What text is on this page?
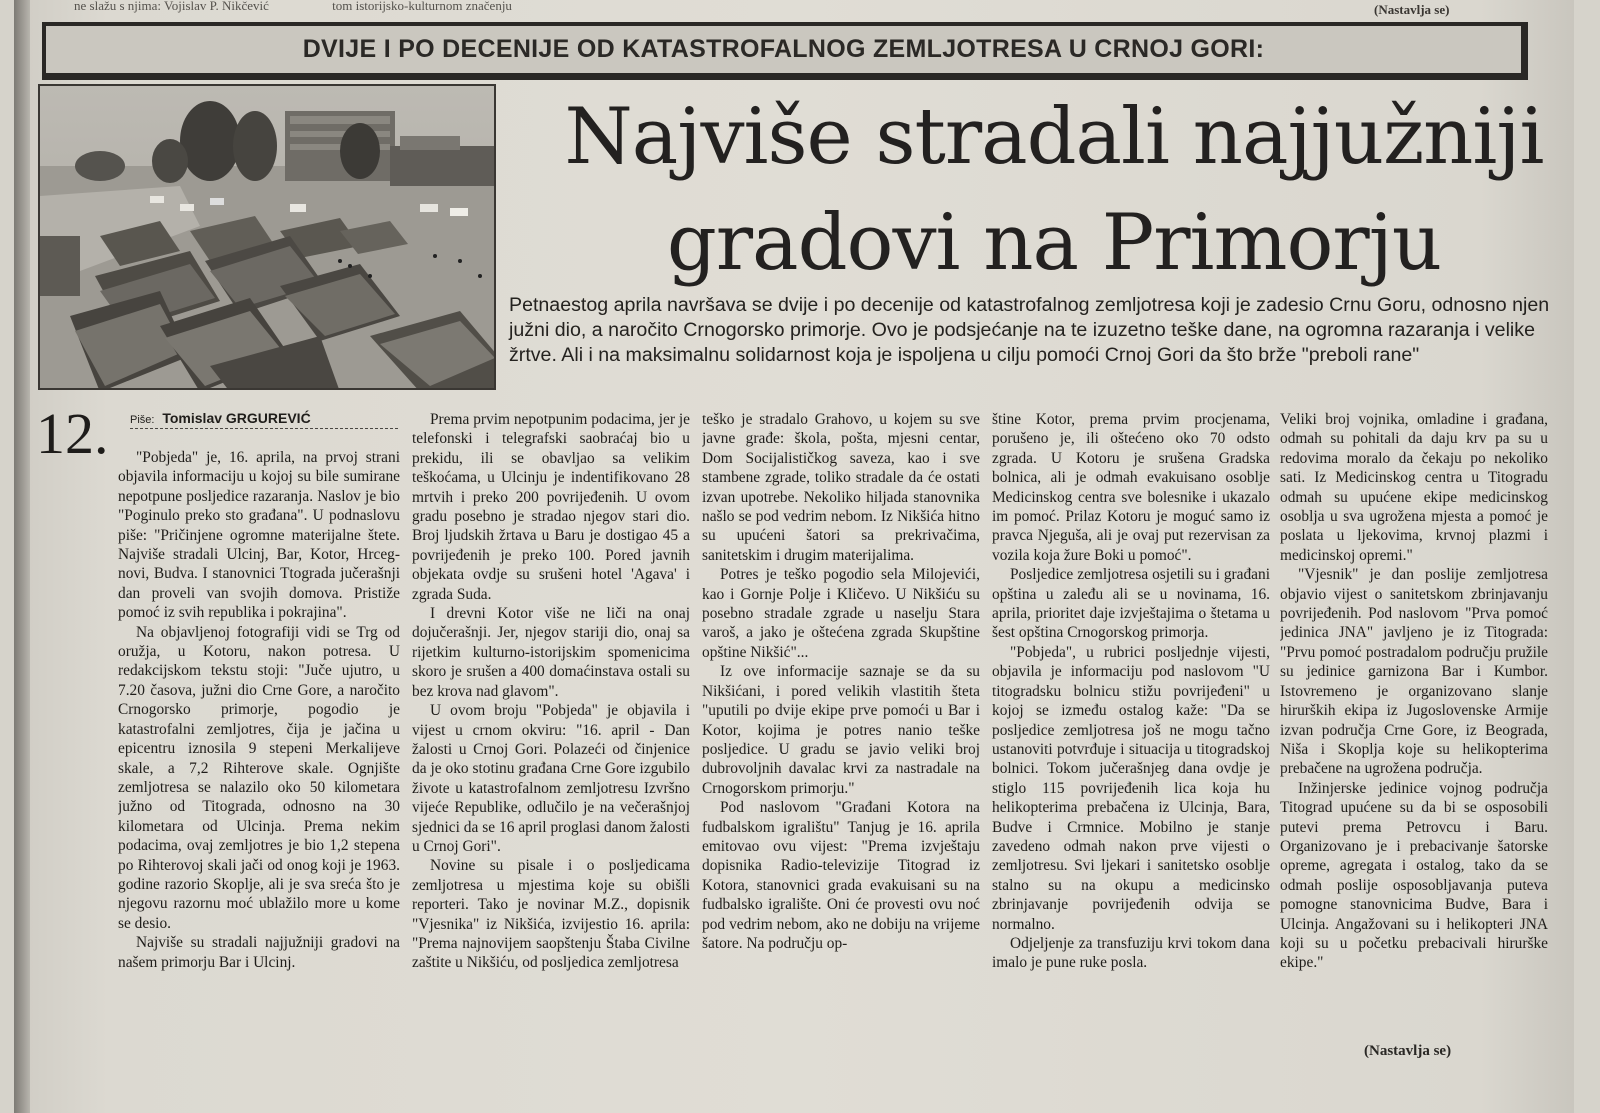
ne slažu s njima: Vojislav P. Nikčević	tom istorijsko-kulturnom značenju	(Nastavlja se)
DVIJE I PO DECENIJE OD KATASTROFALNOG ZEMLJOTRESA U CRNOJ GORI:
Najviše stradali najjužniji
gradovi na Primorju

Petnaestog aprila navršava se dvije i po decenije od katastrofalnog zemljotresa koji je zadesio Crnu Goru, odnosno njen južni dio, a naročito Crnogorsko primorje. Ovo je podsjećanje na te izuzetno teške dane, na ogromna razaranja i velike žrtve. Ali i na maksimalnu solidarnost koja je ispoljena u cilju pomoći Crnoj Gori da što brže "preboli rane"

12. Piše: Tomislav GRGUREVIĆ

"Pobjeda" je, 16. aprila, na prvoj strani objavila informaciju u kojoj su bile sumirane nepotpune posljedice razaranja. Naslov je bio "Poginulo preko sto građana". U podnaslovu piše: "Pričinjene ogromne materijalne štete. Najviše stradali Ulcinj, Bar, Kotor, Hrceg-novi, Budva. I stanovnici Ttograda jučerašnji dan proveli van svojih domova. Pristiže pomoć iz svih republika i pokrajina".

Na objavljenoj fotografiji vidi se Trg od oružja, u Kotoru, nakon potresa. U redakcijskom tekstu stoji: "Juče ujutro, u 7.20 časova, južni dio Crne Gore, a naročito Crnogorsko primorje, pogodio je katastrofalni zemljotres, čija je jačina u epicentru iznosila 9 stepeni Merkalijeve skale, a 7,2 Rihterove skale. Ognjište zemljotresa se nalazilo oko 50 kilometara južno od Titograda, odnosno na 30 kilometara od Ulcinja. Prema nekim podacima, ovaj zemljotres je bio 1,2 stepena po Rihterovoj skali jači od onog koji je 1963. godine razorio Skoplje, ali je sva sreća što je njegovu razornu moć ublažilo more u kome se desio.

Najviše su stradali najjužniji gradovi na našem primorju Bar i Ulcinj.

Prema prvim nepotpunim podacima, jer je telefonski i telegrafski saobraćaj bio u prekidu, ili se obavljao sa velikim teškoćama, u Ulcinju je indentifikovano 28 mrtvih i preko 200 povrijeđenih. U ovom gradu posebno je stradao njegov stari dio. Broj ljudskih žrtava u Baru je dostigao 45 a povrijeđenih je preko 100. Pored javnih objekata ovdje su srušeni hotel 'Agava' i zgrada Suda.

I drevni Kotor više ne liči na onaj dojučerašnji. Jer, njegov stariji dio, onaj sa rijetkim kulturno-istorijskim spomenicima skoro je srušen a 400 domaćinstava ostali su bez krova nad glavom".

U ovom broju "Pobjeda" je objavila i vijest u crnom okviru: "16. april - Dan žalosti u Crnoj Gori. Polazeći od činjenice da je oko stotinu građana Crne Gore izgubilo živote u katastrofalnom zemljotresu Izvršno vijeće Republike, odlučilo je na večerašnjoj sjednici da se 16 april proglasi danom žalosti u Crnoj Gori".

Novine su pisale i o posljedicama zemljotresa u mjestima koje su obišli reporteri. Tako je novinar M.Z., dopisnik "Vjesnika" iz Nikšića, izvijestio 16. aprila: "Prema najnovijem saopštenju Štaba Civilne zaštite u Nikšiću, od posljedica zemljotresa

teško je stradalo Grahovo, u kojem su sve javne građe: škola, pošta, mjesni centar, Dom Socijalističkog saveza, kao i sve stambene zgrade, toliko stradale da će ostati izvan upotrebe. Nekoliko hiljada stanovnika našlo se pod vedrim nebom. Iz Nikšića hitno su upućeni šatori sa prekrivačima, sanitetskim i drugim materijalima.

Potres je teško pogodio sela Milojevići, kao i Gornje Polje i Kličevo. U Nikšiću su posebno stradale zgrade u naselju Stara varoš, a jako je oštećena zgrada Skupštine opštine Nikšić"...

Iz ove informacije saznaje se da su Nikšićani, i pored velikih vlastitih šteta "uputili po dvije ekipe prve pomoći u Bar i Kotor, kojima je potres nanio teške posljedice. U gradu se javio veliki broj dubrovoljnih davalac krvi za nastradale na Crnogorskom primorju."

Pod naslovom "Građani Kotora na fudbalskom igralištu" Tanjug je 16. aprila emitovao ovu vijest: "Prema izvještaju dopisnika Radio-televizije Titograd iz Kotora, stanovnici grada evakuisani su na fudbalsko igralište. Oni će provesti ovu noć pod vedrim nebom, ako ne dobiju na vrijeme šatore. Na području op-

štine Kotor, prema prvim procjenama, porušeno je, ili oštećeno oko 70 odsto zgrada. U Kotoru je srušena Gradska bolnica, ali je odmah evakuisano osoblje Medicinskog centra sve bolesnike i ukazalo im pomoć. Prilaz Kotoru je moguć samo iz pravca Njeguša, ali je ovaj put rezervisan za vozila koja žure Boki u pomoć".

Posljedice zemljotresa osjetili su i građani opština u zaleđu ali se u novinama, 16. aprila, prioritet daje izvještajima o štetama u šest opština Crnogorskog primorja.

"Pobjeda", u rubrici posljednje vijesti, objavila je informaciju pod naslovom "U titogradsku bolnicu stižu povrijeđeni" u kojoj se između ostalog kaže: "Da se posljedice zemljotresa još ne mogu tačno ustanoviti potvrđuje i situacija u titogradskoj bolnici. Tokom jučerašnjeg dana ovdje je stiglo 115 povrijeđenih lica koja hu helikopterima prebačena iz Ulcinja, Bara, Budve i Crmnice. Mobilno je stanje zavedeno odmah nakon prve vijesti o zemljotresu. Svi ljekari i sanitetsko osoblje stalno su na okupu a medicinsko zbrinjavanje povrijeđenih odvija se normalno.

Odjeljenje za transfuziju krvi tokom dana imalo je pune ruke posla.

Veliki broj vojnika, omladine i građana, odmah su pohitali da daju krv pa su u redovima moralo da čekaju po nekoliko sati. Iz Medicinskog centra u Titogradu odmah su upućene ekipe medicinskog osoblja u sva ugrožena mjesta a pomoć je poslata u ljekovima, krvnoj plazmi i medicinskoj opremi."

"Vjesnik" je dan poslije zemljotresa objavio vijest o sanitetskom zbrinjavanju povrijeđenih. Pod naslovom "Prva pomoć jedinica JNA" javljeno je iz Titograda: "Prvu pomoć postradalom području pružile su jedinice garnizona Bar i Kumbor. Istovremeno je organizovano slanje hirurških ekipa iz Jugoslovenske Armije izvan područja Crne Gore, iz Beograda, Niša i Skoplja koje su helikopterima prebačene na ugrožena područja.

Inžinjerske jedinice vojnog područja Titograd upućene su da bi se osposobili putevi prema Petrovcu i Baru. Organizovano je i prebacivanje šatorske opreme, agregata i ostalog, tako da se odmah poslije osposobljavanja puteva pomogne stanovnicima Budve, Bara i Ulcinja. Angažovani su i helikopteri JNA koji su u početku prebacivali hirurške ekipe."

(Nastavlja se)
